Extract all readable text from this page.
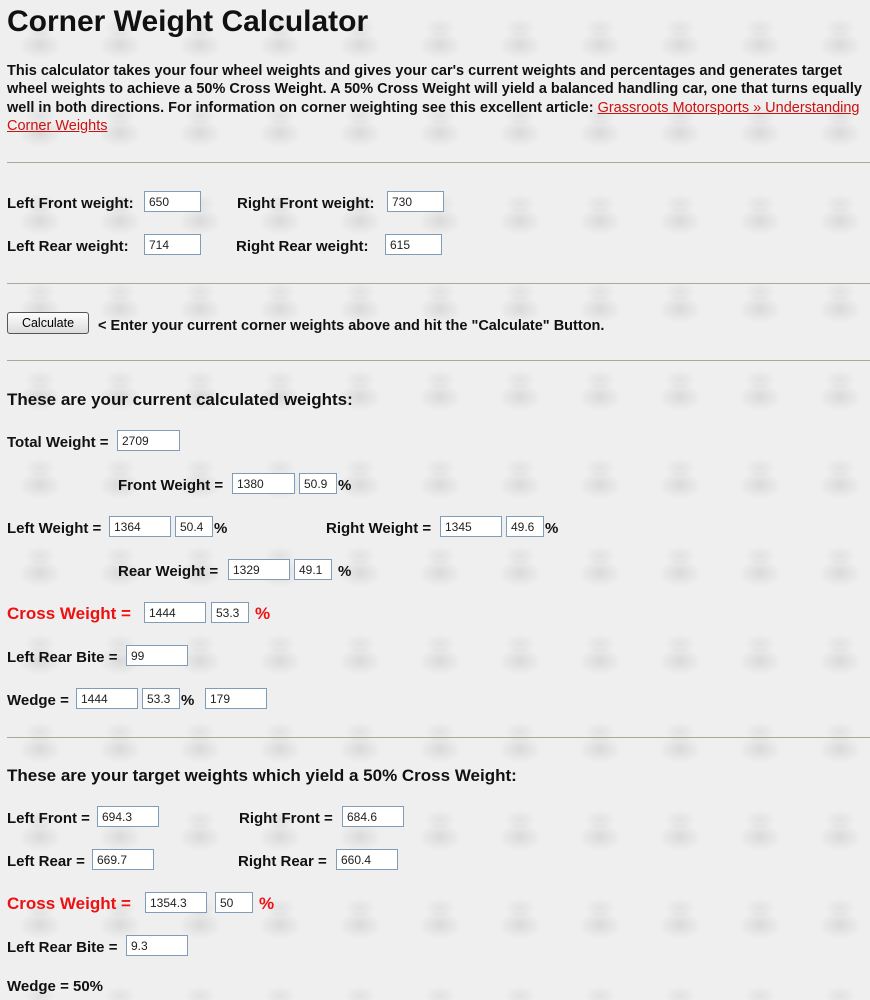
Corner Weight Calculator
This calculator takes your four wheel weights and gives your car's current weights and percentages and generates target wheel weights to achieve a 50% Cross Weight. A 50% Cross Weight will yield a balanced handling car, one that turns equally well in both directions. For information on corner weighting see this excellent article: Grassroots Motorsports » Understanding Corner Weights
Left Front weight:
650	Right Front weight:
730
Left Rear weight:
714	Right Rear weight:
615
Calculate	< Enter your current corner weights above and hit the "Calculate" Button.
These are your current calculated weights:
Total Weight =
2709
Front Weight =
1380
50.9	%
Left Weight =
1364
50.4	%	Right Weight =
1345
49.6	%
Rear Weight =
1329
49.1	%
Cross Weight =
1444
53.3	%
Left Rear Bite =
99
Wedge =
1444
53.3	%
179
These are your target weights which yield a 50% Cross Weight:
Left Front =
694.3	Right Front =
684.6
Left Rear =
669.7	Right Rear =
660.4
Cross Weight =
1354.3
50	%
Left Rear Bite =
9.3
Wedge = 50%
